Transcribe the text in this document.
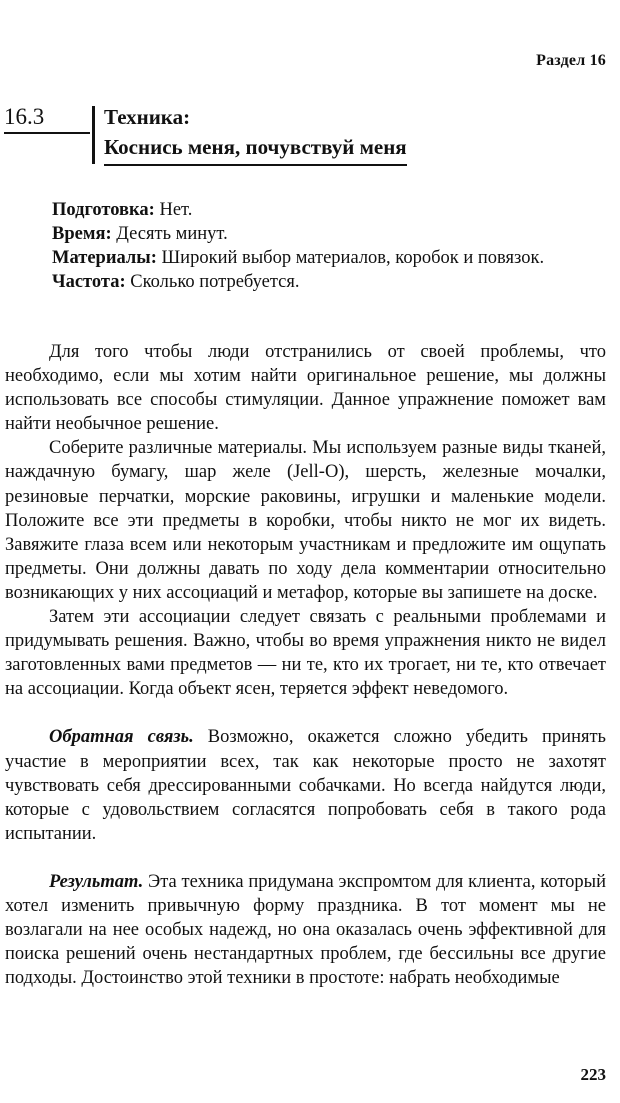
Раздел 16
16.3	Техника:
Коснись меня, почувствуй меня

Подготовка: Нет.

Время: Десять минут.

Материалы: Широкий выбор материалов, коробок и повязок.

Частота: Сколько потребуется.

Для того чтобы люди отстранились от своей проблемы, что необходимо, если мы хотим найти оригинальное решение, мы должны использовать все способы стимуляции. Данное упражнение поможет вам найти необычное решение.

Соберите различные материалы. Мы используем разные виды тканей, наждачную бумагу, шар желе (Jell-O), шерсть, железные мочалки, резиновые перчатки, морские раковины, игрушки и маленькие модели. Положите все эти предметы в коробки, чтобы никто не мог их видеть. Завяжите глаза всем или некоторым участникам и предложите им ощупать предметы. Они должны давать по ходу дела комментарии относительно возникающих у них ассоциаций и метафор, которые вы запишете на доске.

Затем эти ассоциации следует связать с реальными проблемами и придумывать решения. Важно, чтобы во время упражнения никто не видел заготовленных вами предметов — ни те, кто их трогает, ни те, кто отвечает на ассоциации. Когда объект ясен, теряется эффект неведомого.

Обратная связь. Возможно, окажется сложно убедить принять участие в мероприятии всех, так как некоторые просто не захотят чувствовать себя дрессированными собачками. Но всегда найдутся люди, которые с удовольствием согласятся попробовать себя в такого рода испытании.

Результат. Эта техника придумана экспромтом для клиента, который хотел изменить привычную форму праздника. В тот момент мы не возлагали на нее особых надежд, но она оказалась очень эффективной для поиска решений очень нестандартных проблем, где бессильны все другие подходы. Достоинство этой техники в простоте: набрать необходимые

223
